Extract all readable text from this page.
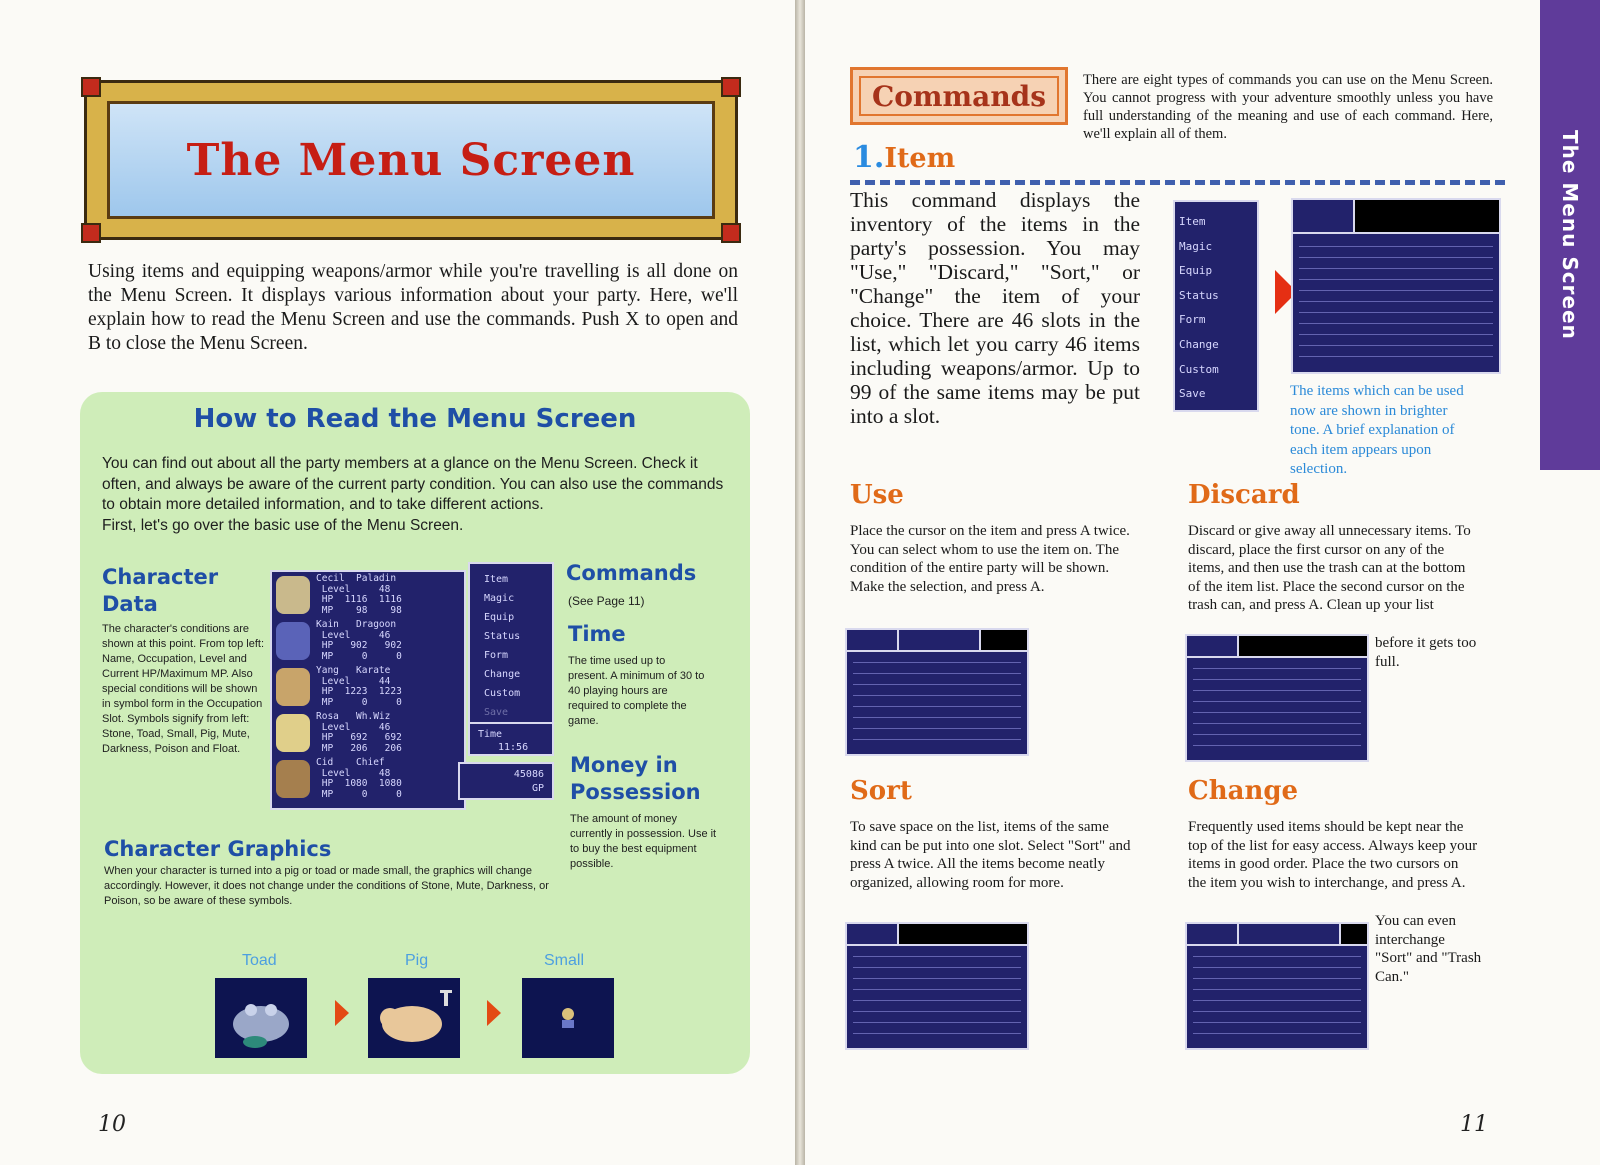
The Menu Screen
Using items and equipping weapons/armor while you're travelling is all done on the Menu Screen. It displays various information about your party. Here, we'll explain how to read the Menu Screen and use the commands. Push X to open and B to close the Menu Screen.
How to Read the Menu Screen

You can find out about all the party members at a glance on the Menu Screen. Check it often, and always be aware of the current party condition. You can also use the commands to obtain more detailed information, and to take different actions.

First, let's go over the basic use of the Menu Screen.

Character Data
The character's conditions are shown at this point. From top left: Name, Occupation, Level and Current HP/Maximum MP. Also special conditions will be shown in symbol form in the Occupation Slot. Symbols signify from left: Stone, Toad, Small, Pig, Mute, Darkness, Poison and Float.
Commands
(See Page 11)
Time
The time used up to present. A minimum of 30 to 40 playing hours are required to complete the game.
Money in Possession
The amount of money currently in possession. Use it to buy the best equipment possible.
Character Graphics
When your character is turned into a pig or toad or made small, the graphics will change accordingly. However, it does not change under the conditions of Stone, Mute, Darkness, or Poison, so be aware of these symbols.
Cecil  Paladin
Level     48
HP  1116  1116
MP    98    98
Kain   Dragoon
Level     46
HP   902   902
MP     0     0
Yang   Karate
Level     44
HP  1223  1223
MP     0     0
Rosa   Wh.Wiz
Level     46
HP   692   692
MP   206   206
Cid    Chief
Level     48
HP  1080  1080
MP     0     0
Item
Magic
Equip
Status
Form
Change
Custom
Save
Time
11:56
45086
GP
Toad	Pig	Small
10
Commands	There are eight types of commands you can use on the Menu Screen. You cannot progress with your adventure smoothly unless you have full understanding of the meaning and use of each command. Here, we'll explain all of them.
1.Item
This command displays the inventory of the items in the party's possession. You may "Use," "Discard," "Sort," or "Change" the item of your choice. There are 46 slots in the list, which let you carry 46 items including weapons/armor. Up to 99 of the same items may be put into a slot.
Item
Magic
Equip
Status
Form
Change
Custom
Save	The items which can be used now are shown in brighter tone. A brief explanation of each item appears upon selection.
Use
Place the cursor on the item and press A twice. You can select whom to use the item on. The condition of the entire party will be shown. Make the selection, and press A.
Discard
Discard or give away all unnecessary items. To discard, place the first cursor on any of the items, and then use the trash can at the bottom of the item list. Place the second cursor on the trash can, and press A. Clean up your list
before it gets too full.
Sort
To save space on the list, items of the same kind can be put into one slot. Select "Sort" and press A twice. All the items become neatly organized, allowing room for more.
Change
Frequently used items should be kept near the top of the list for easy access. Always keep your items in good order. Place the two cursors on the item you wish to interchange, and press A.
You can even interchange "Sort" and "Trash Can."
The Menu Screen
11
